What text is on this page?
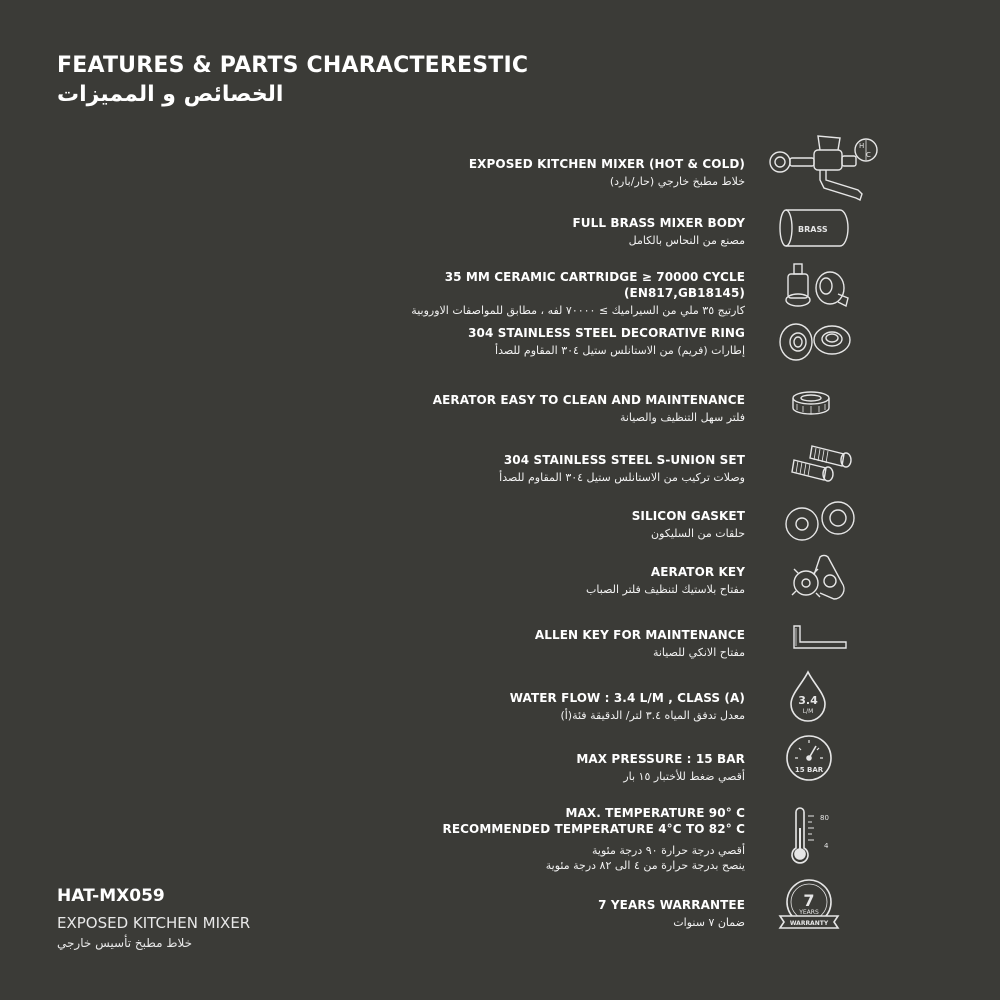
FEATURES & PARTS CHARACTERESTIC
الخصائص و المميزات
EXPOSED KITCHEN MIXER (HOT & COLD)
خلاط مطبخ خارجي (حار/بارد)
H
C
FULL BRASS MIXER BODY
مصنع من النحاس بالكامل
BRASS
35 MM CERAMIC CARTRIDGE ≥ 70000 CYCLE (EN817,GB18145)
كارتيج ٣٥ ملي من السيراميك ≥ ٧٠٠٠٠ لفه ، مطابق للمواصفات الاوروبية
304 STAINLESS STEEL DECORATIVE RING
إطارات (فريم) من الاستانلس ستيل ٣٠٤ المقاوم للصدأ
AERATOR EASY TO CLEAN AND MAINTENANCE
فلتر سهل التنظيف والصيانة
304 STAINLESS STEEL S-UNION SET
وصلات تركيب من الاستانلس ستيل ٣٠٤ المقاوم للصدأ
SILICON GASKET
حلقات من السليكون
AERATOR KEY
مفتاح بلاستيك لتنظيف فلتر الصباب
ALLEN KEY FOR MAINTENANCE
مفتاح الانكي للصيانة
WATER FLOW : 3.4 L/M , CLASS (A)
معدل تدفق المياه ٣.٤ لتر/ الدقيقة فئة(أ)
3.4
L/M
MAX PRESSURE : 15 BAR
أقصي ضغط للأختبار ١٥ بار	15 BAR
MAX. TEMPERATURE 90° C
RECOMMENDED TEMPERATURE 4°C TO 82° C
أقصي درجة حرارة ٩٠ درجة مئوية
ينصح بدرجة حرارة من ٤ الى ٨٢ درجة مئوية
80
4
7 YEARS WARRANTEE
ضمان ٧ سنوات
7
YEARS
WARRANTY
HAT-MX059
EXPOSED KITCHEN MIXER
خلاط مطبخ تأسيس خارجي
